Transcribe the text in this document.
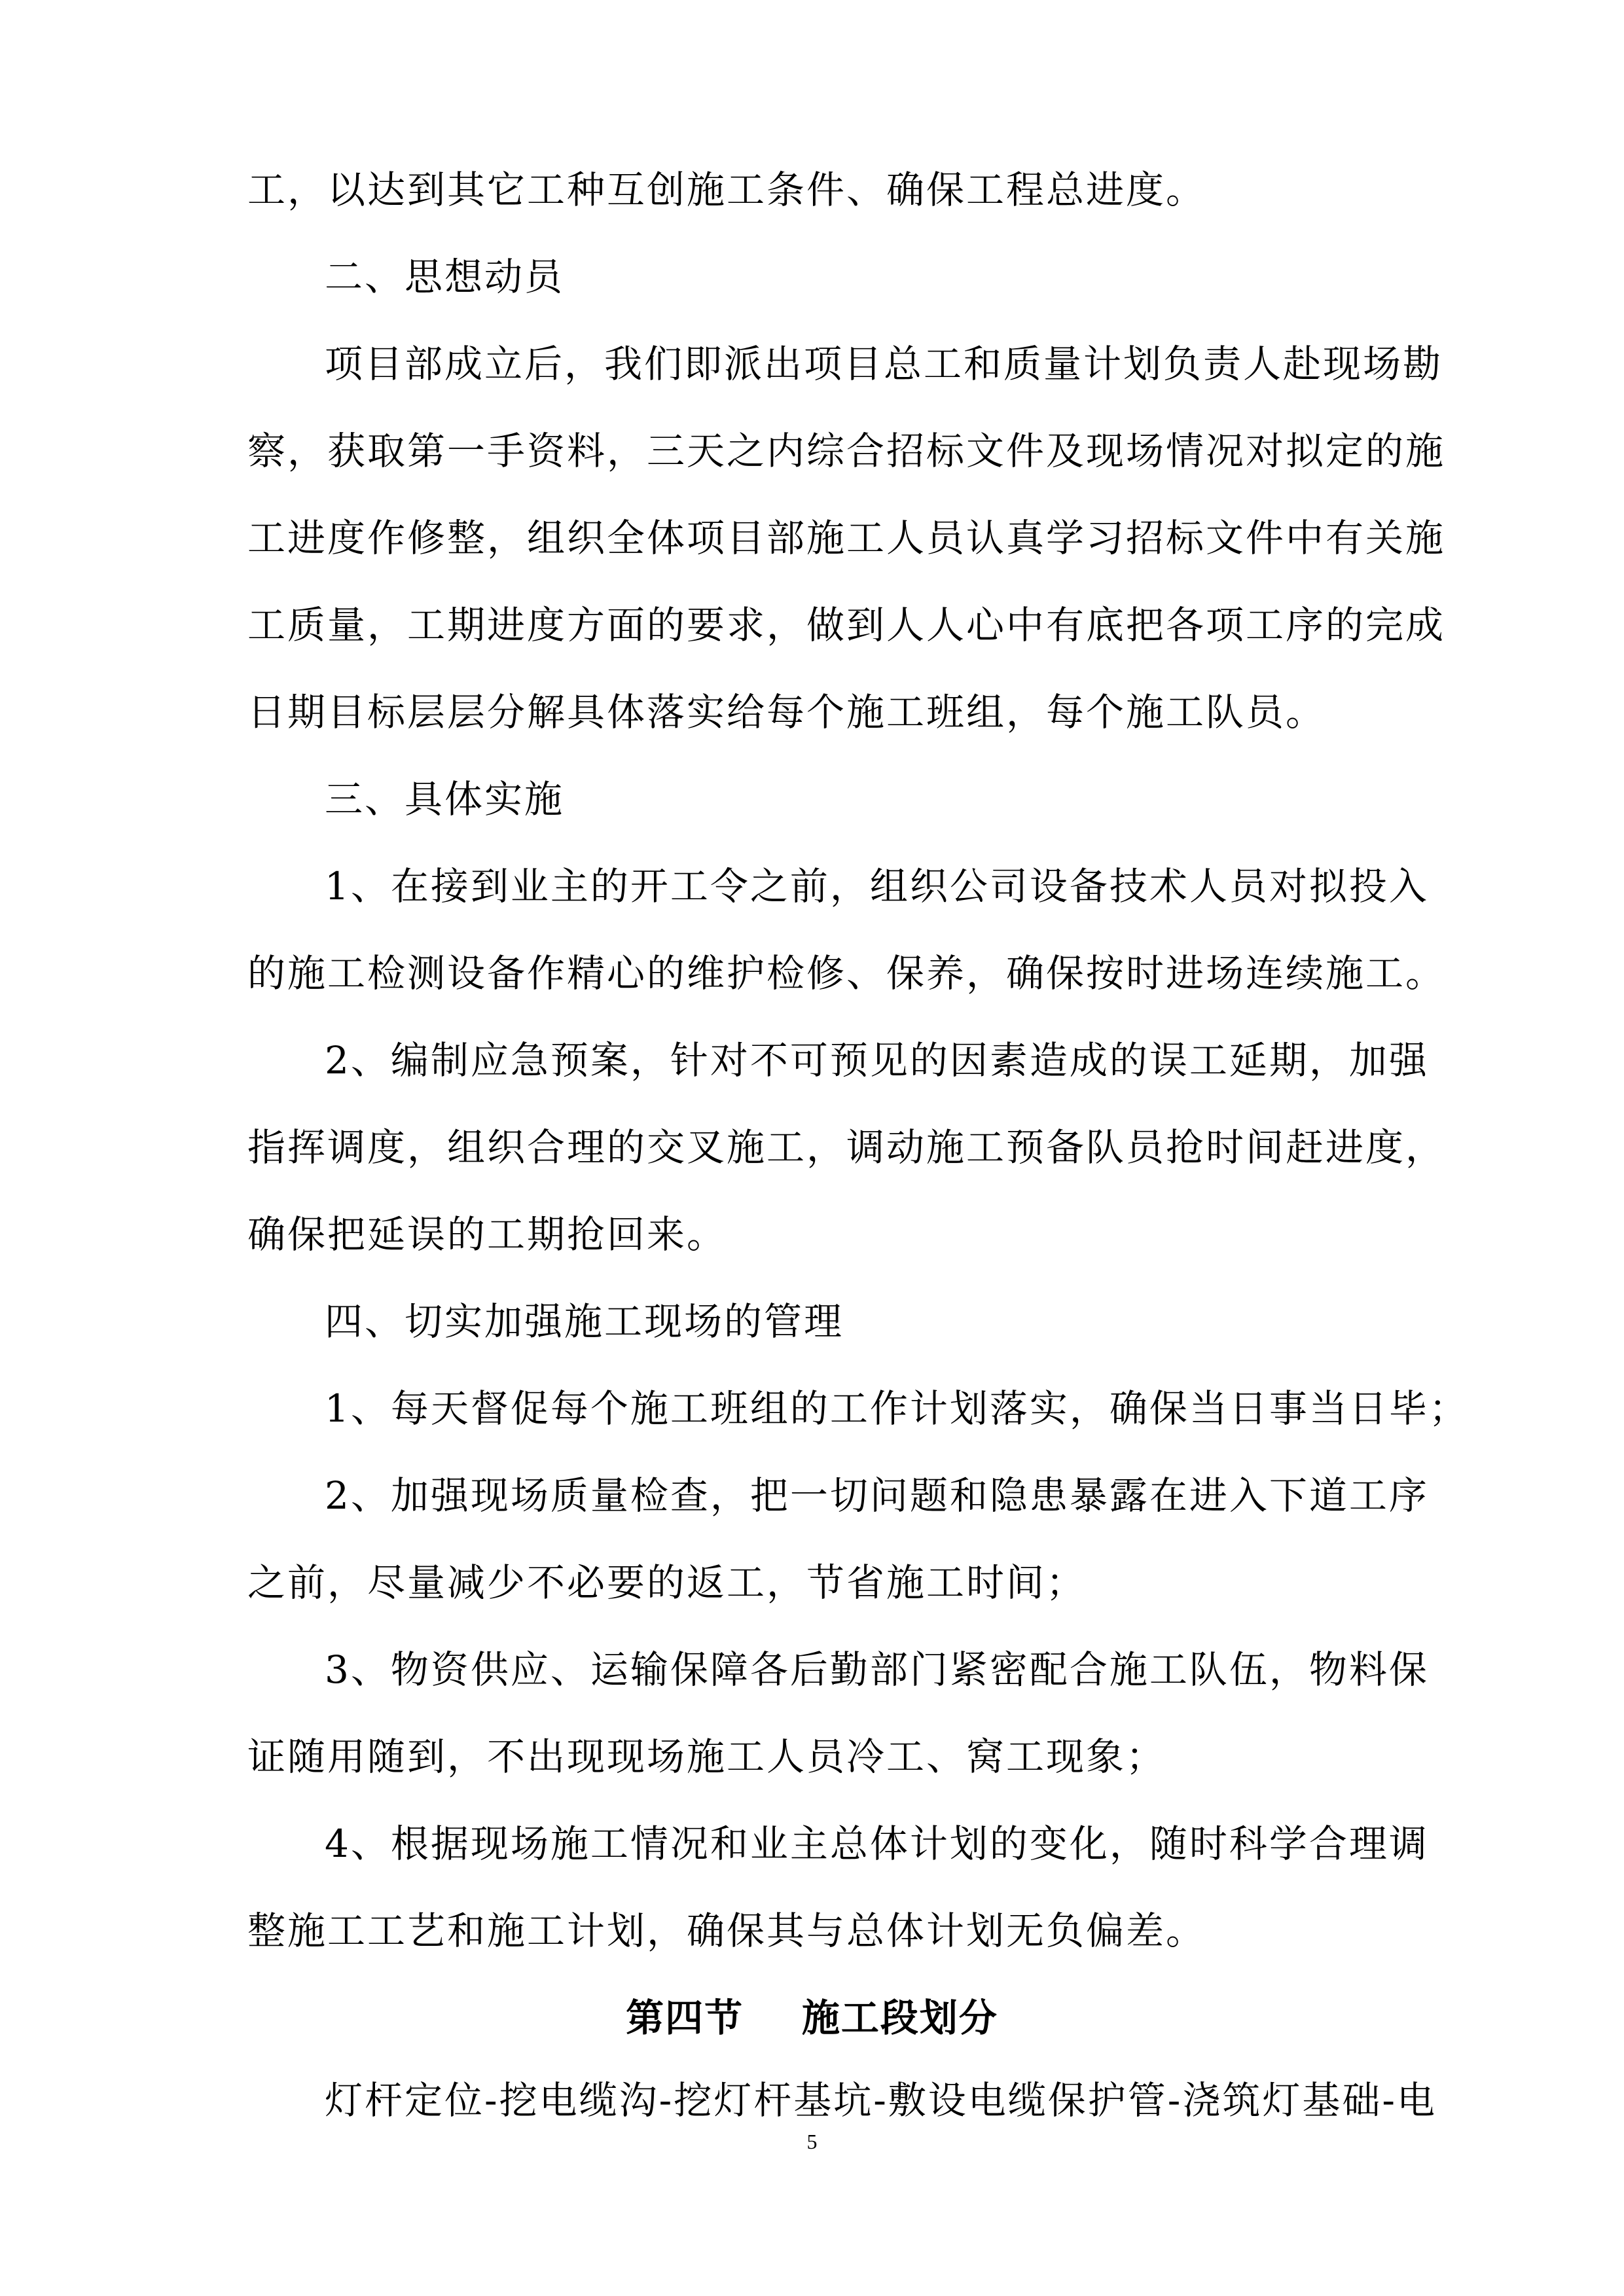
工，以达到其它工种互创施工条件、确保工程总进度。

二、思想动员

项目部成立后，我们即派出项目总工和质量计划负责人赴现场勘

察，获取第一手资料，三天之内综合招标文件及现场情况对拟定的施

工进度作修整，组织全体项目部施工人员认真学习招标文件中有关施

工质量，工期进度方面的要求，做到人人心中有底把各项工序的完成

日期目标层层分解具体落实给每个施工班组，每个施工队员。

三、具体实施

1、在接到业主的开工令之前，组织公司设备技术人员对拟投入

的施工检测设备作精心的维护检修、保养，确保按时进场连续施工。

2、编制应急预案，针对不可预见的因素造成的误工延期，加强

指挥调度，组织合理的交叉施工，调动施工预备队员抢时间赶进度，

确保把延误的工期抢回来。

四、切实加强施工现场的管理

1、每天督促每个施工班组的工作计划落实，确保当日事当日毕；

2、加强现场质量检查，把一切问题和隐患暴露在进入下道工序

之前，尽量减少不必要的返工，节省施工时间；

3、物资供应、运输保障各后勤部门紧密配合施工队伍，物料保

证随用随到，不出现现场施工人员冷工、窝工现象；

4、根据现场施工情况和业主总体计划的变化，随时科学合理调

整施工工艺和施工计划，确保其与总体计划无负偏差。

第四节    施工段划分

灯杆定位-挖电缆沟-挖灯杆基坑-敷设电缆保护管-浇筑灯基础-电

5
